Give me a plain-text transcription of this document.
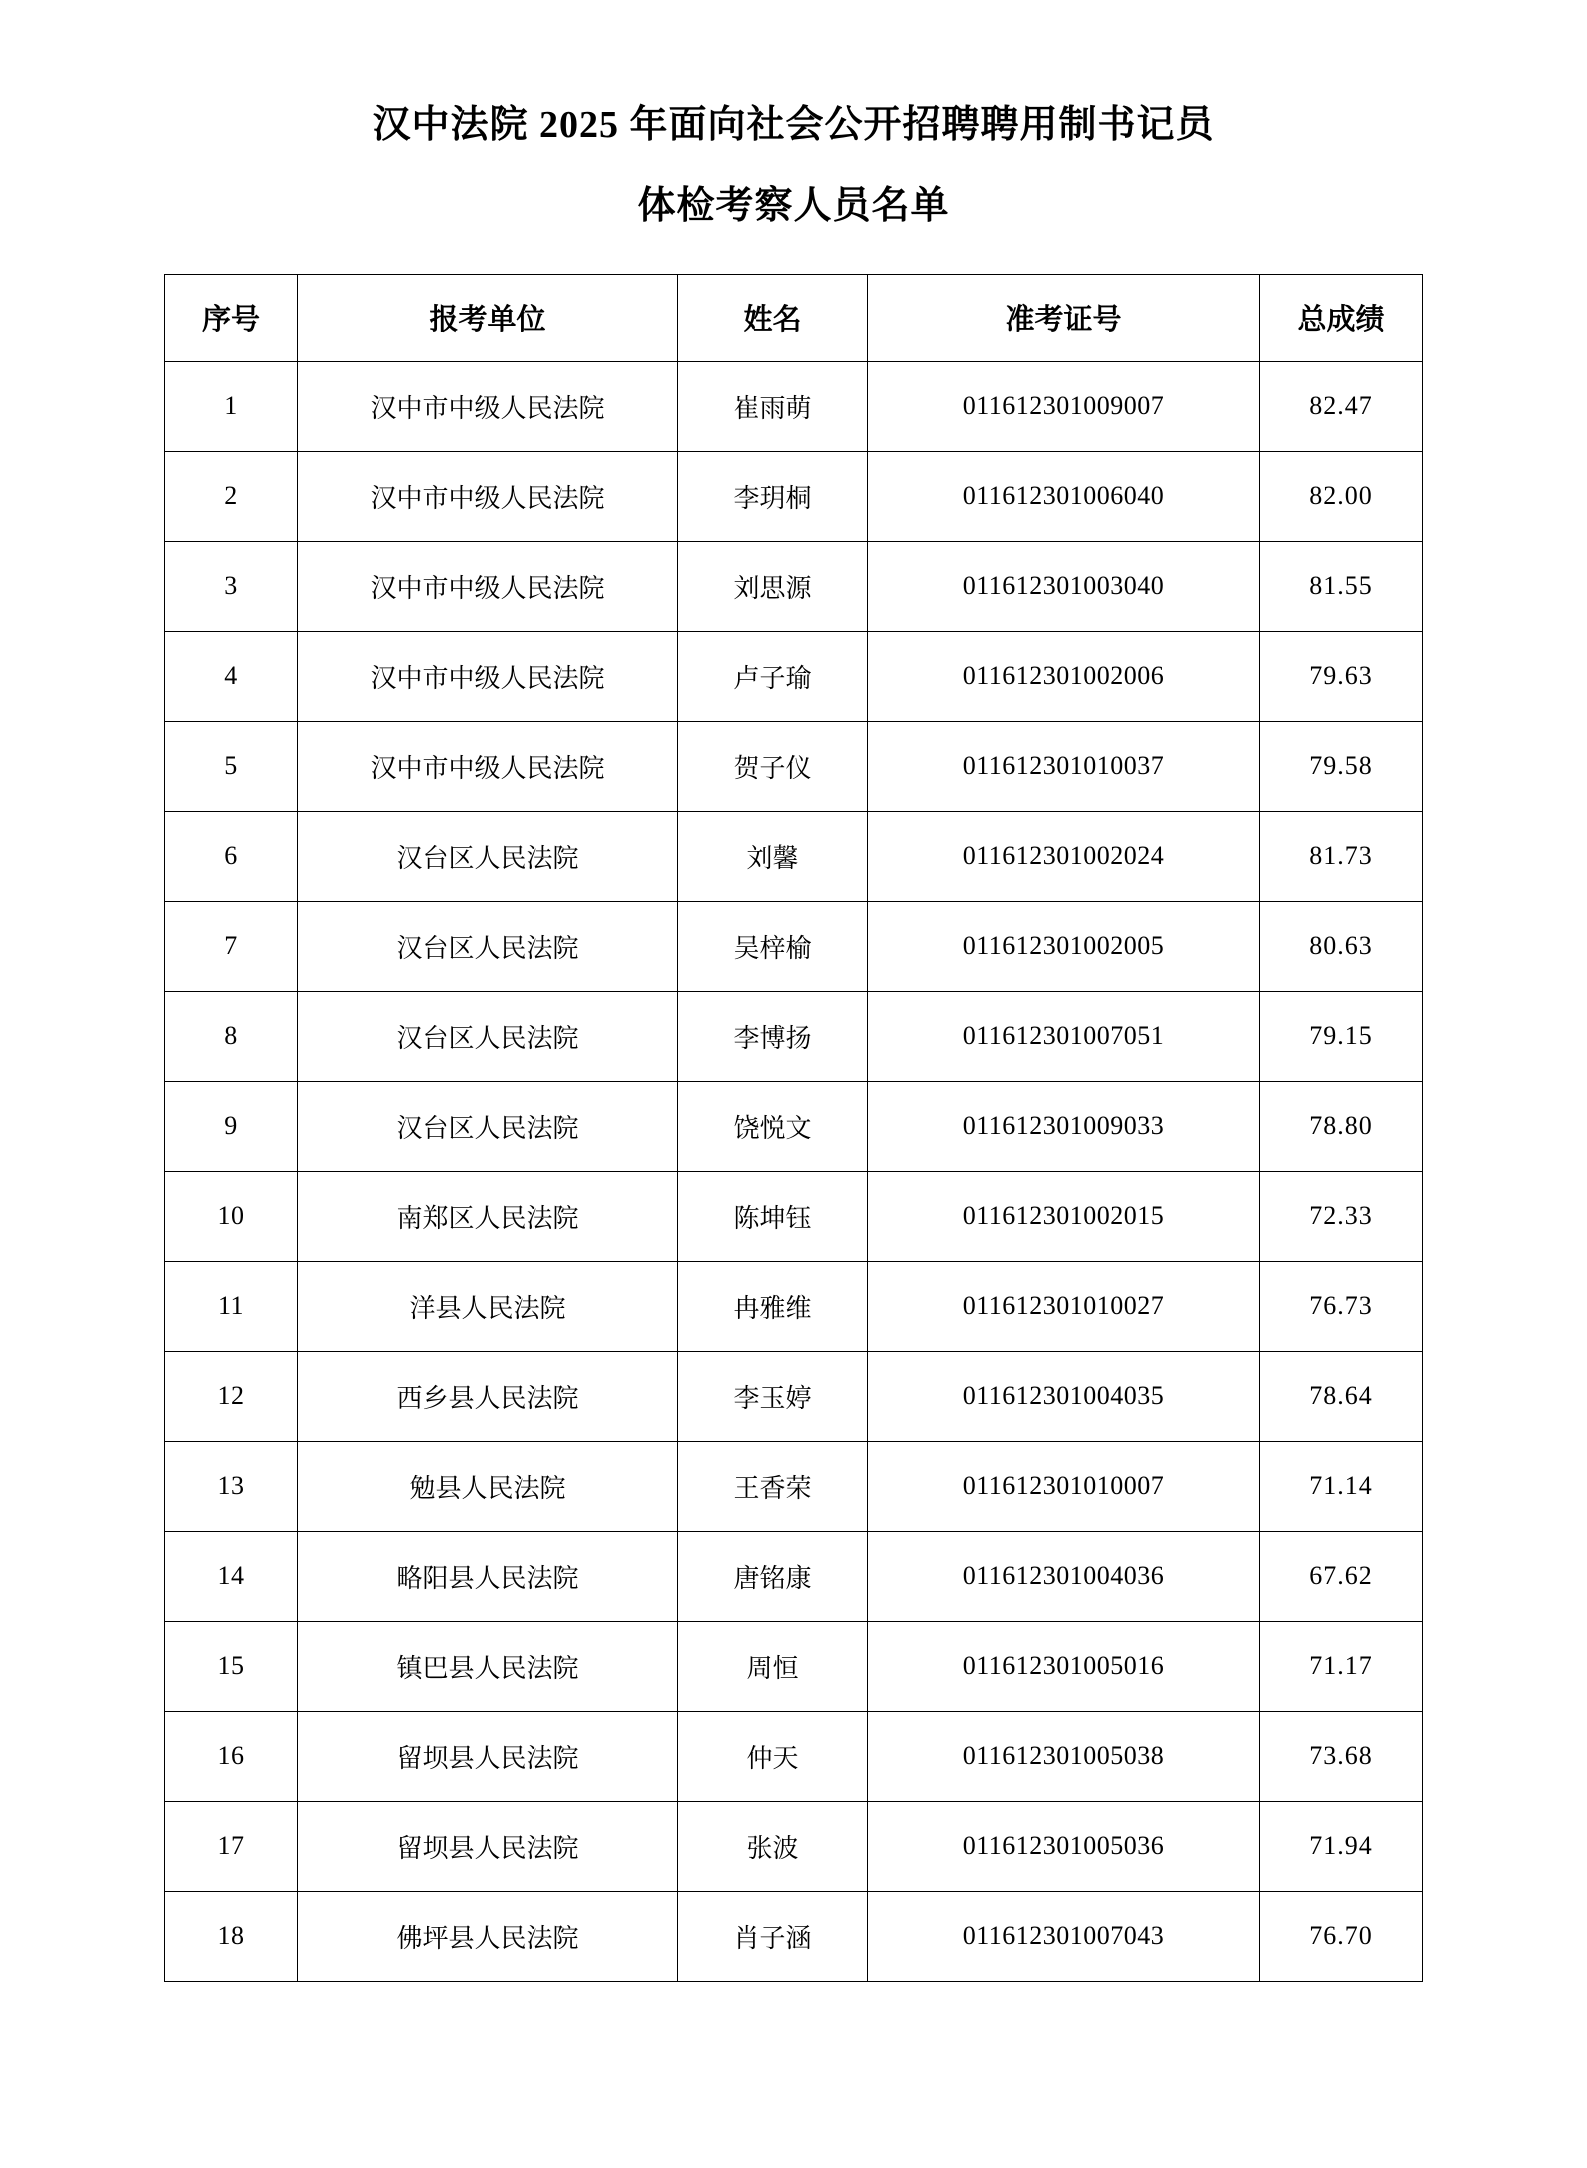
汉中法院 2025 年面向社会公开招聘聘用制书记员
体检考察人员名单
序号	报考单位	姓名	准考证号	总成绩
1	汉中市中级人民法院	崔雨萌	011612301009007	82.47
2	汉中市中级人民法院	李玥桐	011612301006040	82.00
3	汉中市中级人民法院	刘思源	011612301003040	81.55
4	汉中市中级人民法院	卢子瑜	011612301002006	79.63
5	汉中市中级人民法院	贺子仪	011612301010037	79.58
6	汉台区人民法院	刘馨	011612301002024	81.73
7	汉台区人民法院	吴梓榆	011612301002005	80.63
8	汉台区人民法院	李博扬	011612301007051	79.15
9	汉台区人民法院	饶悦文	011612301009033	78.80
10	南郑区人民法院	陈坤钰	011612301002015	72.33
11	洋县人民法院	冉雅维	011612301010027	76.73
12	西乡县人民法院	李玉婷	011612301004035	78.64
13	勉县人民法院	王香荣	011612301010007	71.14
14	略阳县人民法院	唐铭康	011612301004036	67.62
15	镇巴县人民法院	周恒	011612301005016	71.17
16	留坝县人民法院	仲天	011612301005038	73.68
17	留坝县人民法院	张波	011612301005036	71.94
18	佛坪县人民法院	肖子涵	011612301007043	76.70
